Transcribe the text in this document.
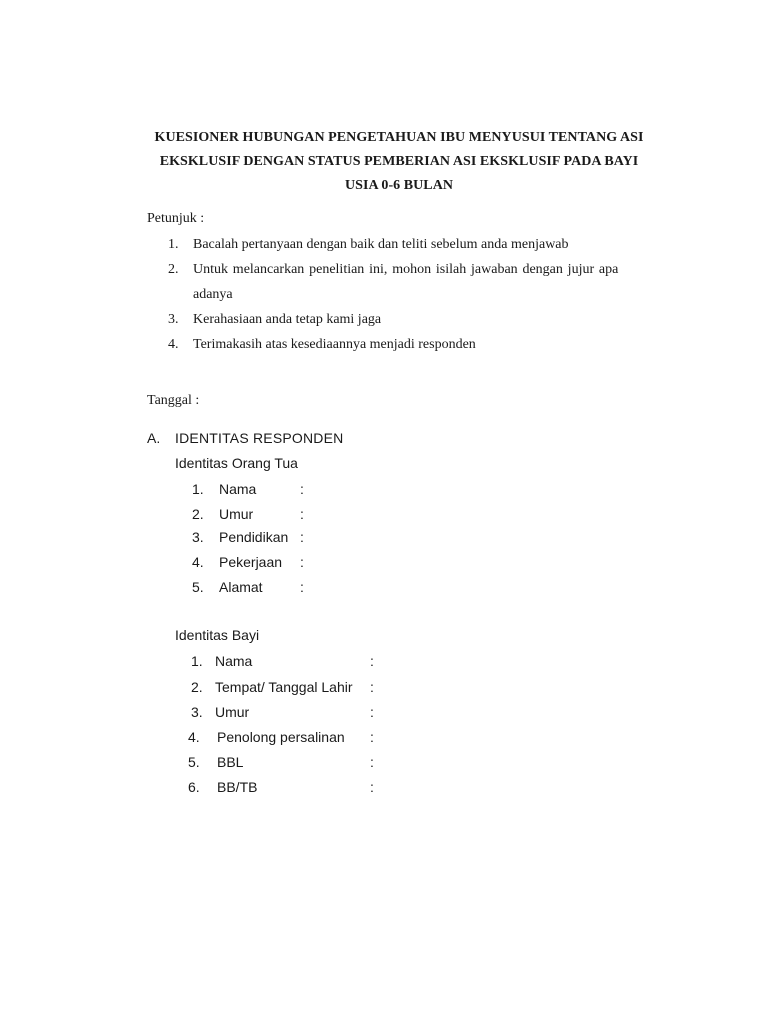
KUESIONER HUBUNGAN PENGETAHUAN IBU MENYUSUI TENTANG ASI
EKSKLUSIF DENGAN STATUS PEMBERIAN ASI EKSKLUSIF PADA BAYI
USIA 0-6 BULAN
Petunjuk :
1. Bacalah pertanyaan dengan baik dan teliti sebelum anda menjawab
2. Untuk melancarkan penelitian ini, mohon isilah jawaban dengan jujur apa
adanya
3. Kerahasiaan anda tetap kami jaga
4. Terimakasih atas kesediaannya menjadi responden
Tanggal :
A. IDENTITAS RESPONDEN
Identitas Orang Tua
1. Nama	:
2. Umur	:
3. Pendidikan :
4. Pekerjaan :
5. Alamat	:
Identitas Bayi
1. Nama	:
2. Tempat/ Tanggal Lahir :
3. Umur	:
4. Penolong persalinan :
5. BBL	:
6. BB/TB	:
